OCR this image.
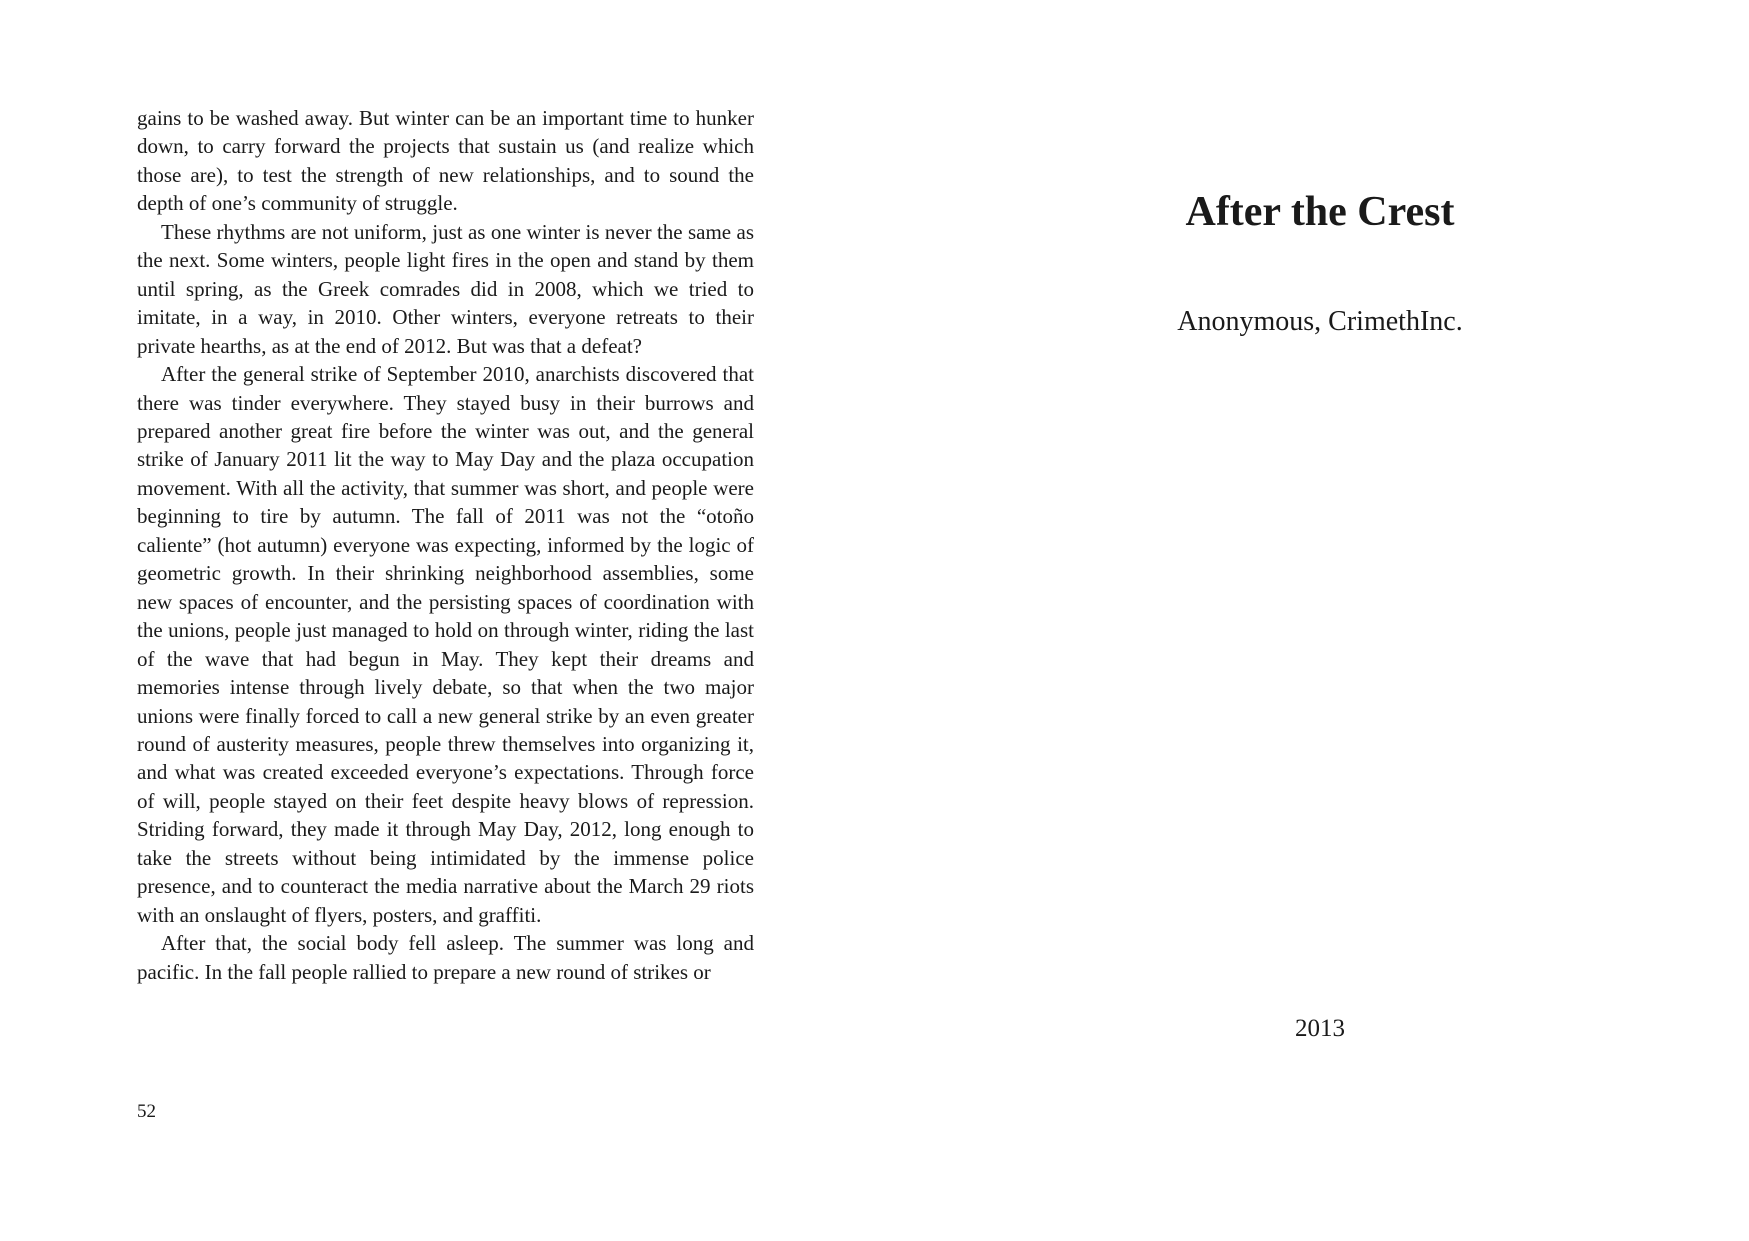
gains to be washed away. But winter can be an important time to hunker down, to carry forward the projects that sustain us (and realize which those are), to test the strength of new relationships, and to sound the depth of one’s community of struggle.

These rhythms are not uniform, just as one winter is never the same as the next. Some winters, people light fires in the open and stand by them until spring, as the Greek comrades did in 2008, which we tried to imitate, in a way, in 2010. Other winters, everyone retreats to their private hearths, as at the end of 2012. But was that a defeat?

After the general strike of September 2010, anarchists discovered that there was tinder everywhere. They stayed busy in their burrows and prepared another great fire before the winter was out, and the general strike of January 2011 lit the way to May Day and the plaza occupation movement. With all the activity, that summer was short, and people were beginning to tire by autumn. The fall of 2011 was not the “otoño caliente” (hot autumn) everyone was expecting, informed by the logic of geometric growth. In their shrinking neighborhood assemblies, some new spaces of encounter, and the persisting spaces of coordination with the unions, people just managed to hold on through winter, riding the last of the wave that had begun in May. They kept their dreams and memories intense through lively debate, so that when the two major unions were finally forced to call a new general strike by an even greater round of austerity measures, people threw themselves into organizing it, and what was created exceeded everyone’s expectations. Through force of will, people stayed on their feet despite heavy blows of repression. Striding forward, they made it through May Day, 2012, long enough to take the streets without being intimidated by the immense police presence, and to counteract the media narrative about the March 29 riots with an onslaught of flyers, posters, and graffiti.

After that, the social body fell asleep. The summer was long and pacific. In the fall people rallied to prepare a new round of strikes or

52
After the Crest
Anonymous, CrimethInc.
2013
